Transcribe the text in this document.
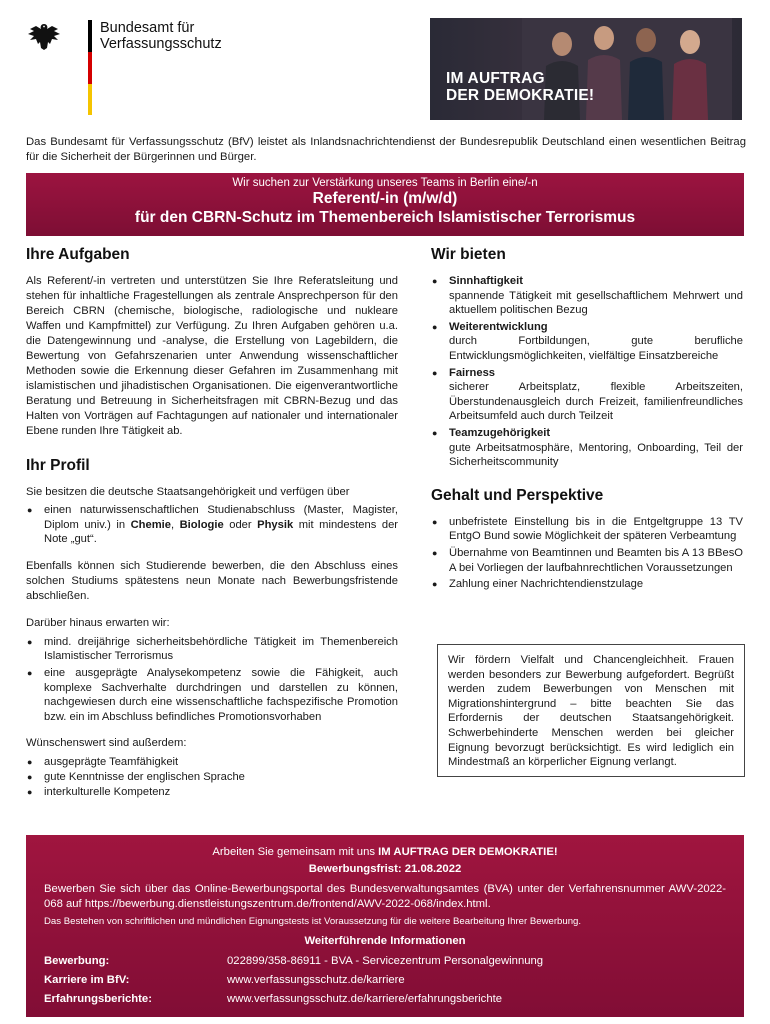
Bundesamt für
Verfassungsschutz
IM AUFTRAG
DER DEMOKRATIE!

Das Bundesamt für Verfassungsschutz (BfV) leistet als Inlandsnachrichtendienst der Bundesrepublik Deutschland einen wesentlichen Beitrag für die Sicherheit der Bürgerinnen und Bürger.

Wir suchen zur Verstärkung unseres Teams in Berlin eine/-n
Referent/-in (m/w/d)
für den CBRN-Schutz im Themenbereich Islamistischer Terrorismus
Ihre Aufgaben

Als Referent/-in vertreten und unterstützen Sie Ihre Referatsleitung und stehen für inhaltliche Fragestellungen als zentrale Ansprechperson für den Bereich CBRN (chemische, biologische, radiologische und nukleare Waffen und Kampfmittel) zur Verfügung. Zu Ihren Aufgaben gehören u.a. die Datengewinnung und -analyse, die Erstellung von Lagebildern, die Bewertung von Gefahrszenarien unter Anwendung wissenschaftlicher Methoden sowie die Erkennung dieser Gefahren im Zusammenhang mit islamistischen und jihadistischen Organisationen. Die eigenverantwortliche Beratung und Betreuung in Sicherheitsfragen mit CBRN-Bezug und das Halten von Vorträgen auf Fachtagungen auf nationaler und internationaler Ebene runden Ihre Tätigkeit ab.

Ihr Profil

Sie besitzen die deutsche Staatsangehörigkeit und verfügen über

● einen naturwissenschaftlichen Studienabschluss (Master, Magister, Diplom univ.) in Chemie, Biologie oder Physik mit mindestens der Note „gut“.

Ebenfalls können sich Studierende bewerben, die den Abschluss eines solchen Studiums spätestens neun Monate nach Bewerbungsfristende abschließen.

Darüber hinaus erwarten wir:

● mind. dreijährige sicherheitsbehördliche Tätigkeit im Themenbereich Islamistischer Terrorismus
● eine ausgeprägte Analysekompetenz sowie die Fähigkeit, auch komplexe Sachverhalte durchdringen und darstellen zu können, nachgewiesen durch eine wissenschaftliche fachspezifische Promotion bzw. ein im Abschluss befindliches Promotionsvorhaben

Wünschenswert sind außerdem:

● ausgeprägte Teamfähigkeit
● gute Kenntnisse der englischen Sprache
● interkulturelle Kompetenz
Wir bieten
● Sinnhaftigkeit
spannende Tätigkeit mit gesellschaftlichem Mehrwert und aktuellem politischen Bezug
● Weiterentwicklung
durch Fortbildungen, gute berufliche Entwicklungsmöglichkeiten, vielfältige Einsatzbereiche
● Fairness
sicherer Arbeitsplatz, flexible Arbeitszeiten, Überstundenausgleich durch Freizeit, familienfreundliches Arbeitsumfeld auch durch Teilzeit
● Teamzugehörigkeit
gute Arbeitsatmosphäre, Mentoring, Onboarding, Teil der Sicherheitscommunity
Gehalt und Perspektive
● unbefristete Einstellung bis in die Entgeltgruppe 13 TV EntgO Bund sowie Möglichkeit der späteren Verbeamtung
● Übernahme von Beamtinnen und Beamten bis A 13 BBesO A bei Vorliegen der laufbahnrechtlichen Voraussetzungen
● Zahlung einer Nachrichtendienstzulage
Wir fördern Vielfalt und Chancengleichheit. Frauen werden besonders zur Bewerbung aufgefordert. Begrüßt werden zudem Bewerbungen von Menschen mit Migrationshintergrund – bitte beachten Sie das Erfordernis der deutschen Staatsangehörigkeit. Schwerbehinderte Menschen werden bei gleicher Eignung bevorzugt berücksichtigt. Es wird lediglich ein Mindestmaß an körperlicher Eignung verlangt.
Arbeiten Sie gemeinsam mit uns IM AUFTRAG DER DEMOKRATIE!
Bewerbungsfrist: 21.08.2022
Bewerben Sie sich über das Online-Bewerbungsportal des Bundesverwaltungsamtes (BVA) unter der Verfahrensnummer AWV-2022-068 auf https://bewerbung.dienstleistungszentrum.de/frontend/AWV-2022-068/index.html.
Das Bestehen von schriftlichen und mündlichen Eignungstests ist Voraussetzung für die weitere Bearbeitung Ihrer Bewerbung.
Weiterführende Informationen
Bewerbung:	022899/358-86911 - BVA - Servicezentrum Personalgewinnung
Karriere im BfV:	www.verfassungsschutz.de/karriere
Erfahrungsberichte:	www.verfassungsschutz.de/karriere/erfahrungsberichte
